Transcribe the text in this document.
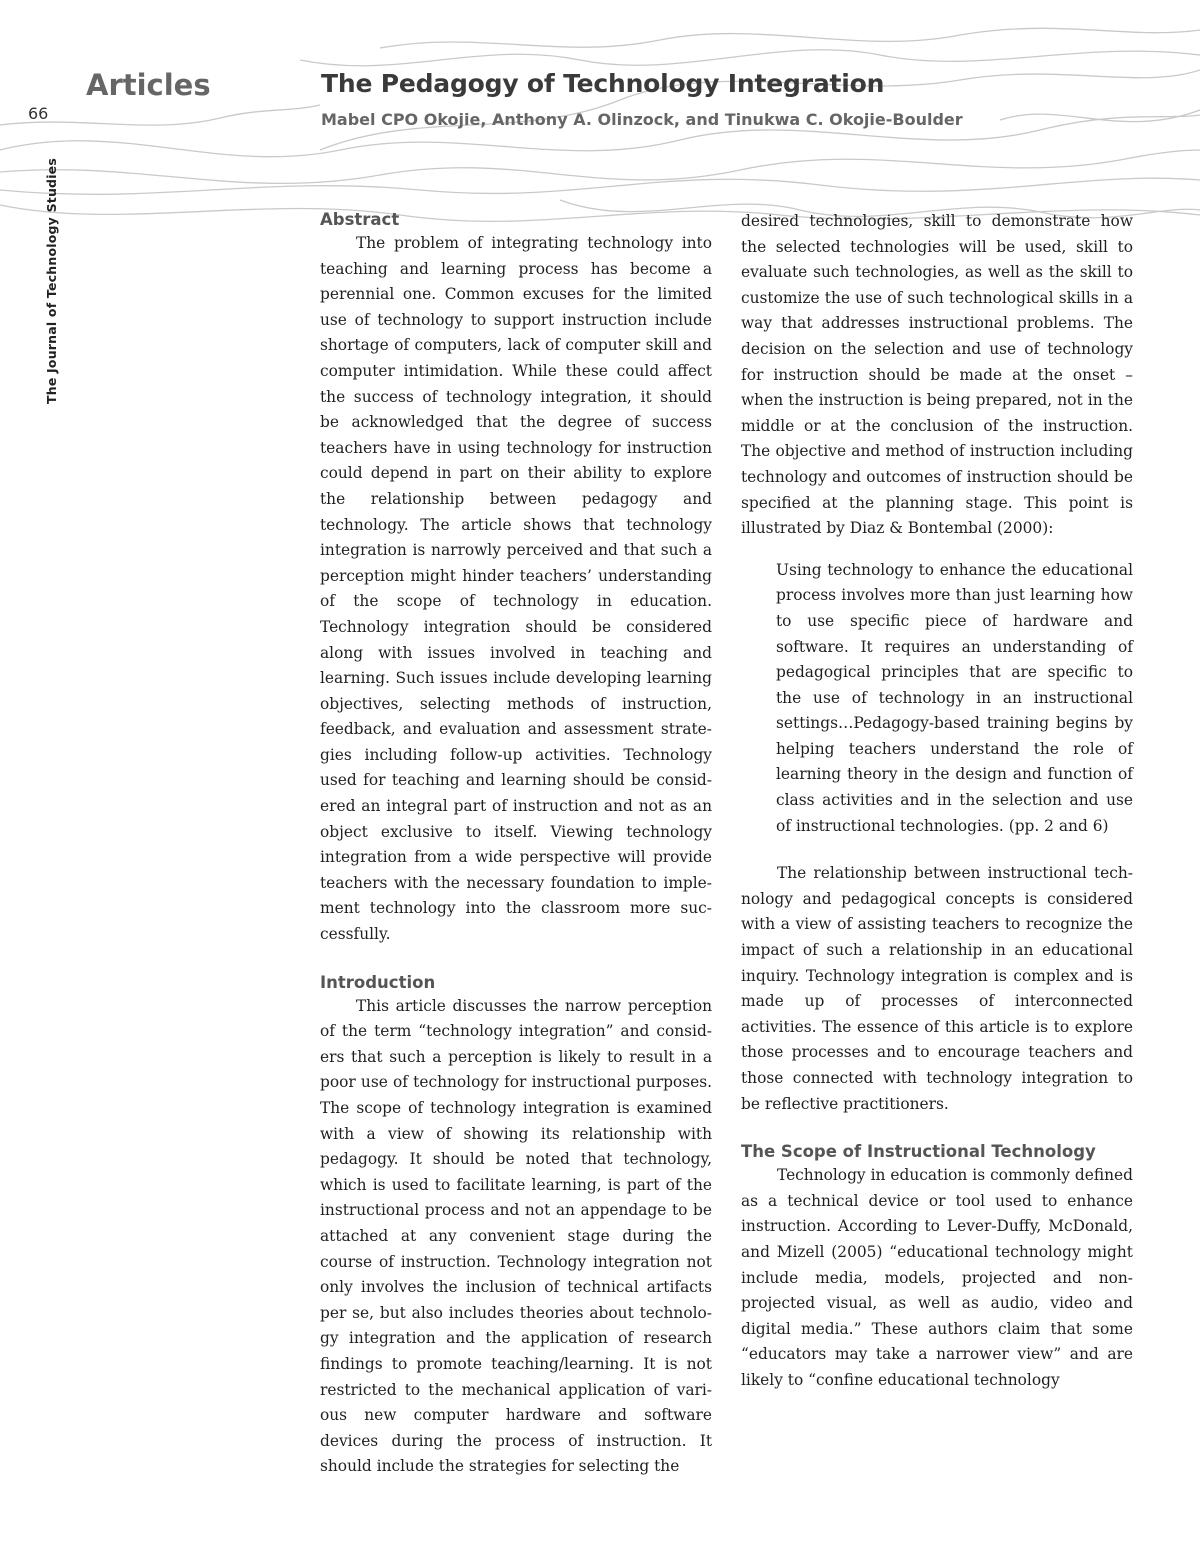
66
The Journal of Technology Studies
Articles	The Pedagogy of Technology Integration
Mabel CPO Okojie, Anthony A. Olinzock, and Tinukwa C. Okojie-Boulder
Abstract

The problem of integrating technology into teaching and learning process has become a perennial one. Common excuses for the limited use of technology to support instruction include shortage of computers, lack of computer skill and computer intimidation. While these could affect the success of technology integration, it should be acknowledged that the degree of success teachers have in using technology for instruction could depend in part on their ability to explore the relationship between pedagogy and technology. The article shows that technology integration is narrowly perceived and that such a perception might hinder teachers’ understanding of the scope of technology in education. Technology integration should be considered along with issues involved in teaching and learning. Such issues include developing learning objectives, selecting methods of instruction, feedback, and evaluation and assessment strategies including follow-up activities. Technology used for teaching and learning should be considered an integral part of instruction and not as an object exclusive to itself. Viewing technology integration from a wide perspective will provide teachers with the necessary foundation to implement technology into the classroom more successfully.

Introduction

This article discusses the narrow perception of the term “technology integration” and considers that such a perception is likely to result in a poor use of technology for instructional purposes. The scope of technology integration is examined with a view of showing its relationship with pedagogy. It should be noted that technology, which is used to facilitate learning, is part of the instructional process and not an appendage to be attached at any convenient stage during the course of instruction. Technology integration not only involves the inclusion of technical artifacts per se, but also includes theories about technology integration and the application of research findings to promote teaching/learning. It is not restricted to the mechanical application of various new computer hardware and software devices during the process of instruction. It should include the strategies for selecting the

desired technologies, skill to demonstrate how the selected technologies will be used, skill to evaluate such technologies, as well as the skill to customize the use of such technological skills in a way that addresses instructional problems. The decision on the selection and use of technology for instruction should be made at the onset – when the instruction is being prepared, not in the middle or at the conclusion of the instruction. The objective and method of instruction including technology and outcomes of instruction should be specified at the planning stage. This point is illustrated by Diaz & Bontembal (2000):

Using technology to enhance the educational process involves more than just learning how to use specific piece of hardware and software. It requires an understanding of pedagogical principles that are specific to the use of technology in an instructional settings…Pedagogy-based training begins by helping teachers understand the role of learning theory in the design and function of class activities and in the selection and use of instructional technologies. (pp. 2 and 6)

The relationship between instructional technology and pedagogical concepts is considered with a view of assisting teachers to recognize the impact of such a relationship in an educational inquiry. Technology integration is complex and is made up of processes of interconnected activities. The essence of this article is to explore those processes and to encourage teachers and those connected with technology integration to be reflective practitioners.

The Scope of Instructional Technology

Technology in education is commonly defined as a technical device or tool used to enhance instruction. According to Lever-Duffy, McDonald, and Mizell (2005) “educational technology might include media, models, projected and non-projected visual, as well as audio, video and digital media.” These authors claim that some “educators may take a narrower view” and are likely to “confine educational technology
